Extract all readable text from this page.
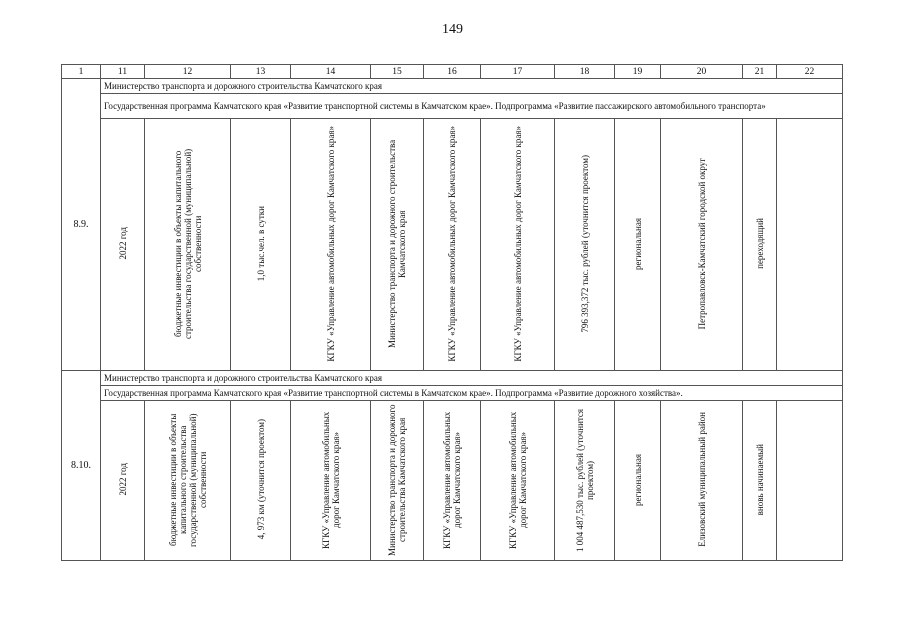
149
1	11	12	13	14	15	16	17	18	19	20	21	22
8.9.	Министерство транспорта и дорожного строительства Камчатского края											
	Государственная программа Камчатского края «Развитие транспортной системы в Камчатском крае». Подпрограмма «Развитие пассажирского автомобильного транспорта»											
	2022 год	бюджетные инвестиции в объекты капитального строительства государственной (муниципальной) собственности	1,0 тыс.чел. в сутки	КГКУ «Управление автомобильных дорог Камчатского края»	Министерство транспорта и дорожного строительства Камчатского края	КГКУ «Управление автомобильных дорог Камчатского края»	КГКУ «Управление автомобильных дорог Камчатского края»	796 393,372 тыс. рублей (уточнится проектом)	региональная	Петропавловск-Камчатский городской округ	переходящий	
8.10.	Министерство транспорта и дорожного строительства Камчатского края											
	Государственная программа Камчатского края «Развитие транспортной системы в Камчатском крае». Подпрограмма «Развитие дорожного хозяйства».											
	2022 год	бюджетные инвестиции в объекты капитального строительства государственной (муниципальной) собственности	4, 973 км (уточнится проектом)	КГКУ «Управление автомобильных дорог Камчатского края»	Министерство транспорта и дорожного строительства Камчатского края	КГКУ «Управление автомобильных дорог Камчатского края»	КГКУ «Управление автомобильных дорог Камчатского края»	1 004 487,530 тыс. рублей (уточнится проектом)	региональная	Елизовский муниципальный район	вновь начинаемый	
